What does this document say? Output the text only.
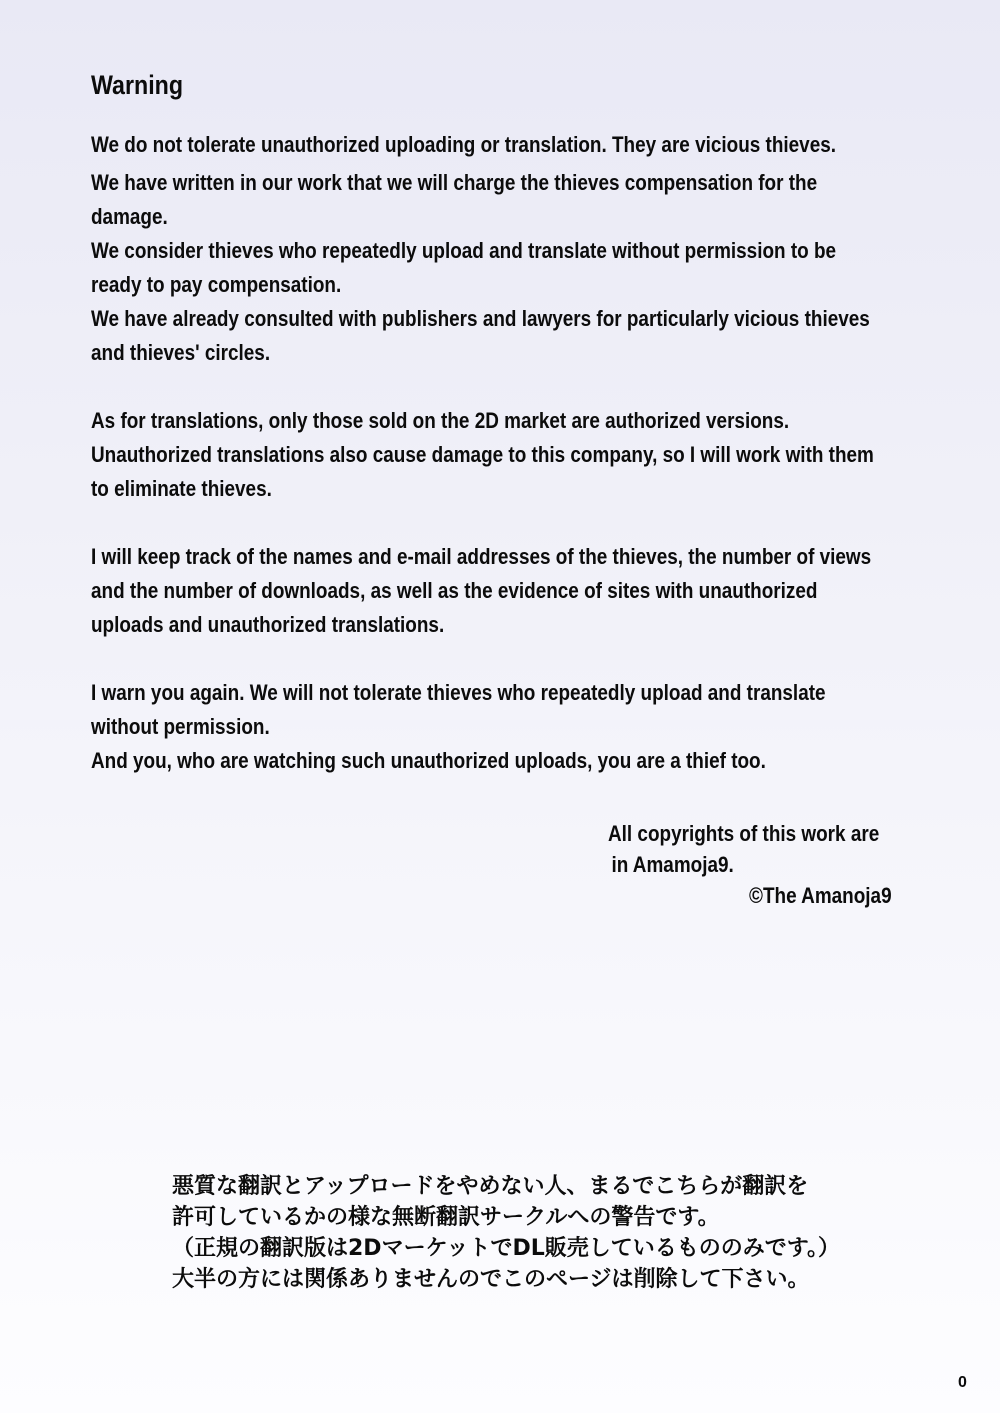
Warning
We do not tolerate unauthorized uploading or translation. They are vicious thieves.
We have written in our work that we will charge the thieves compensation for the
damage.
We consider thieves who repeatedly upload and translate without permission to be
ready to pay compensation.
We have already consulted with publishers and lawyers for particularly vicious thieves
and thieves' circles.
As for translations, only those sold on the 2D market are authorized versions.
Unauthorized translations also cause damage to this company, so I will work with them
to eliminate thieves.
I will keep track of the names and e-mail addresses of the thieves, the number of views
and the number of downloads, as well as the evidence of sites with unauthorized
uploads and unauthorized translations.
I warn you again. We will not tolerate thieves who repeatedly upload and translate
without permission.
And you, who are watching such unauthorized uploads, you are a thief too.
All copyrights of this work are
in Amamoja9.
©The Amanoja9
悪質な翻訳とアップロードをやめない人、まるでこちらが翻訳を
許可しているかの様な無断翻訳サークルへの警告です。
（正規の翻訳版は2DマーケットでDL販売しているもののみです。）
大半の方には関係ありませんのでこのページは削除して下さい。
0
